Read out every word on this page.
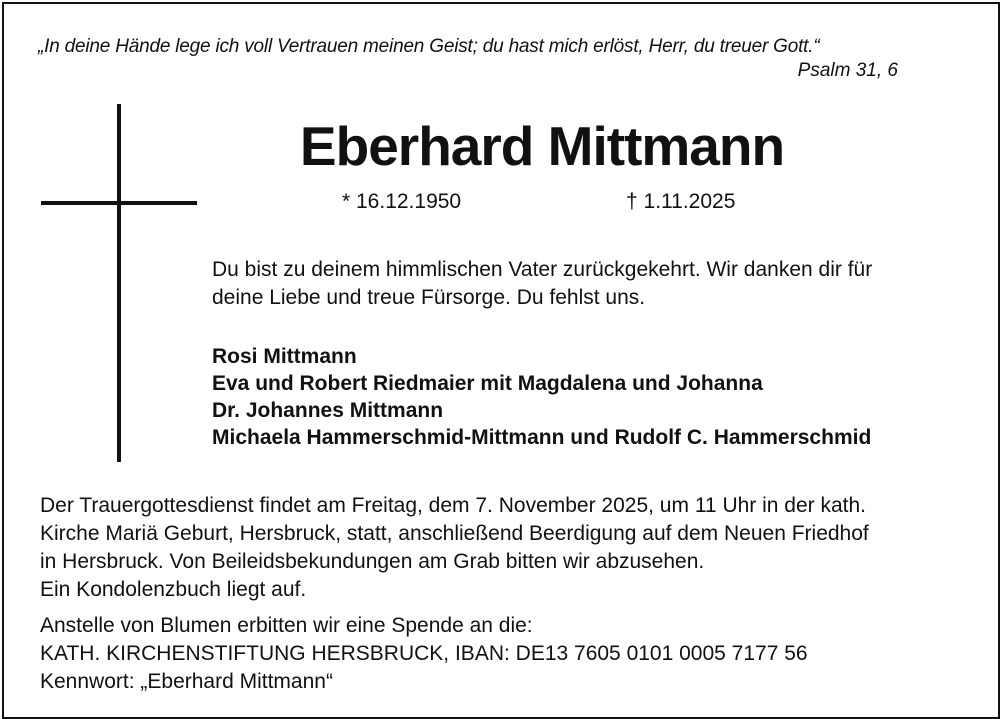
„In deine Hände lege ich voll Vertrauen meinen Geist; du hast mich erlöst, Herr, du treuer Gott.“
Psalm 31, 6
Eberhard Mittmann
* 16.12.1950	† 1.11.2025
Du bist zu deinem himmlischen Vater zurückgekehrt. Wir danken dir für
deine Liebe und treue Fürsorge. Du fehlst uns.
Rosi Mittmann
Eva und Robert Riedmaier mit Magdalena und Johanna
Dr. Johannes Mittmann
Michaela Hammerschmid-Mittmann und Rudolf C. Hammerschmid
Der Trauergottesdienst findet am Freitag, dem 7. November 2025, um 11 Uhr in der kath.
Kirche Mariä Geburt, Hersbruck, statt, anschließend Beerdigung auf dem Neuen Friedhof
in Hersbruck. Von Beileidsbekundungen am Grab bitten wir abzusehen.
Ein Kondolenzbuch liegt auf.
Anstelle von Blumen erbitten wir eine Spende an die:
KATH. KIRCHENSTIFTUNG HERSBRUCK, IBAN: DE13 7605 0101 0005 7177 56
Kennwort: „Eberhard Mittmann“
